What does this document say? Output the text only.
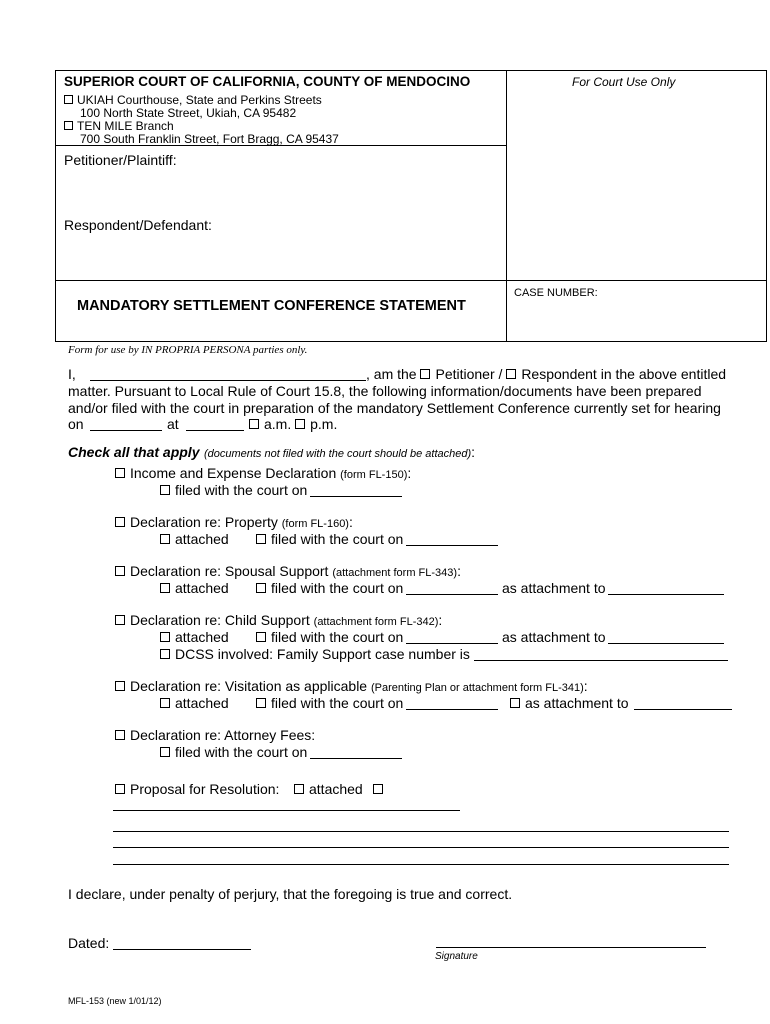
SUPERIOR COURT OF CALIFORNIA, COUNTY OF MENDOCINO
UKIAH Courthouse, State and Perkins Streets
100 North State Street, Ukiah, CA 95482
TEN MILE Branch
700 South Franklin Street, Fort Bragg, CA 95437
For Court Use Only
Petitioner/Plaintiff:
Respondent/Defendant:
CASE NUMBER:
MANDATORY SETTLEMENT CONFERENCE STATEMENT
Form for use by IN PROPRIA PERSONA parties only.
I,	, am the Petitioner / Respondent in the above entitled
matter. Pursuant to Local Rule of Court 15.8, the following information/documents have been prepared
and/or filed with the court in preparation of the mandatory Settlement Conference currently set for hearing
on	at	a.m. p.m.
Check all that apply (documents not filed with the court should be attached):
Income and Expense Declaration (form FL-150):
filed with the court on
Declaration re: Property (form FL-160):
attached	filed with the court on
Declaration re: Spousal Support (attachment form FL-343):
attached	filed with the court on	as attachment to
Declaration re: Child Support (attachment form FL-342):
attached	filed with the court on	as attachment to
DCSS involved: Family Support case number is
Declaration re: Visitation as applicable (Parenting Plan or attachment form FL-341):
attached	filed with the court on	as attachment to
Declaration re: Attorney Fees:
filed with the court on
Proposal for Resolution:	attached
I declare, under penalty of perjury, that the foregoing is true and correct.
Dated:
Signature
MFL-153 (new 1/01/12)
